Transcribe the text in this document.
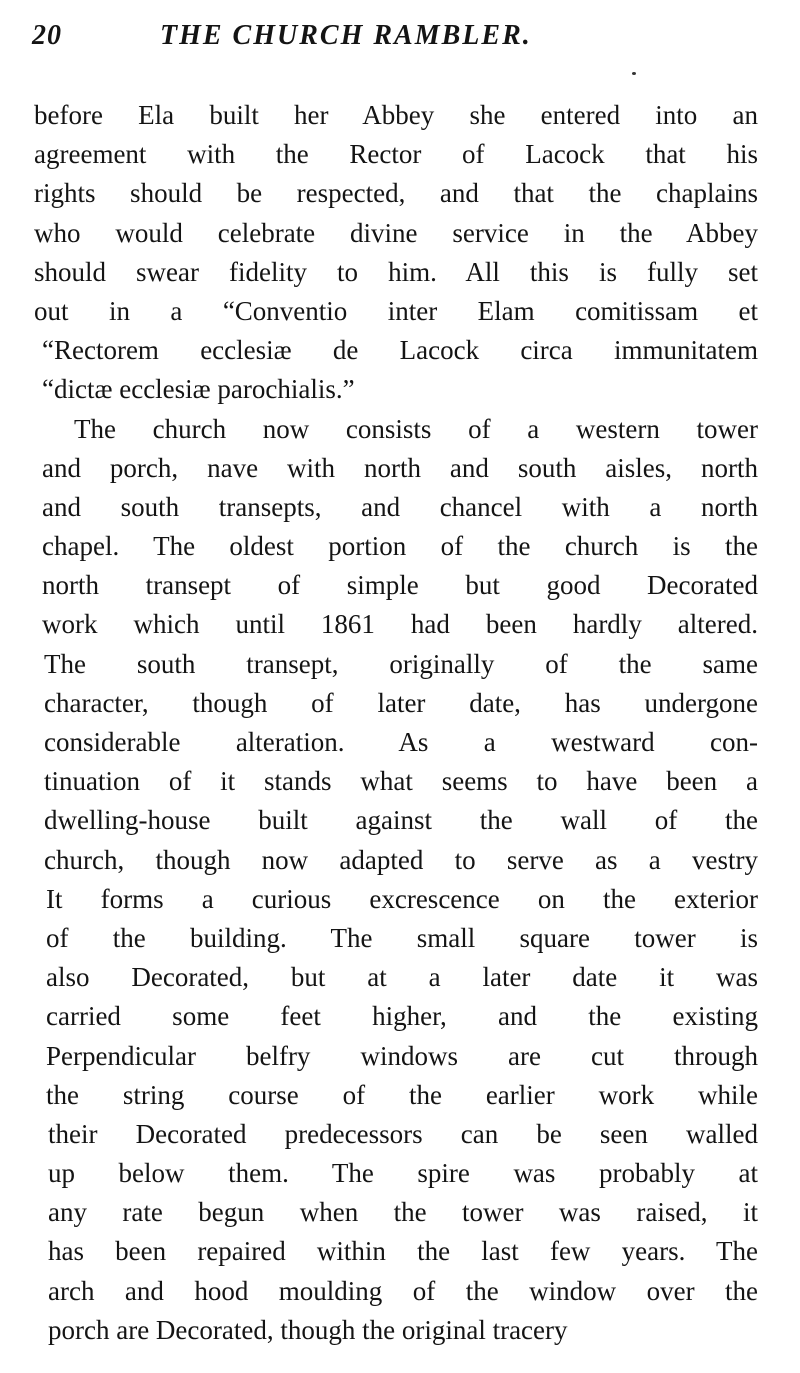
20	THE CHURCH RAMBLER.
before Ela built her Abbey she entered into an
agreement with the Rector of Lacock that his
rights should be respected, and that the chaplains
who would celebrate divine service in the Abbey
should swear fidelity to him. All this is fully set
out in a “Conventio inter Elam comitissam et
“Rectorem ecclesiæ de Lacock circa immunitatem
“dictæ ecclesiæ parochialis.”
The church now consists of a western tower
and porch, nave with north and south aisles, north
and south transepts, and chancel with a north
chapel. The oldest portion of the church is the
north transept of simple but good Decorated
work which until 1861 had been hardly altered.
The south transept, originally of the same
character, though of later date, has undergone
considerable alteration. As a westward con-
tinuation of it stands what seems to have been a
dwelling-house built against the wall of the
church, though now adapted to serve as a vestry
It forms a curious excrescence on the exterior
of the building. The small square tower is
also Decorated, but at a later date it was
carried some feet higher, and the existing
Perpendicular belfry windows are cut through
the string course of the earlier work while
their Decorated predecessors can be seen walled
up below them. The spire was probably at
any rate begun when the tower was raised, it
has been repaired within the last few years. The
arch and hood moulding of the window over the
porch are Decorated, though the original tracery
